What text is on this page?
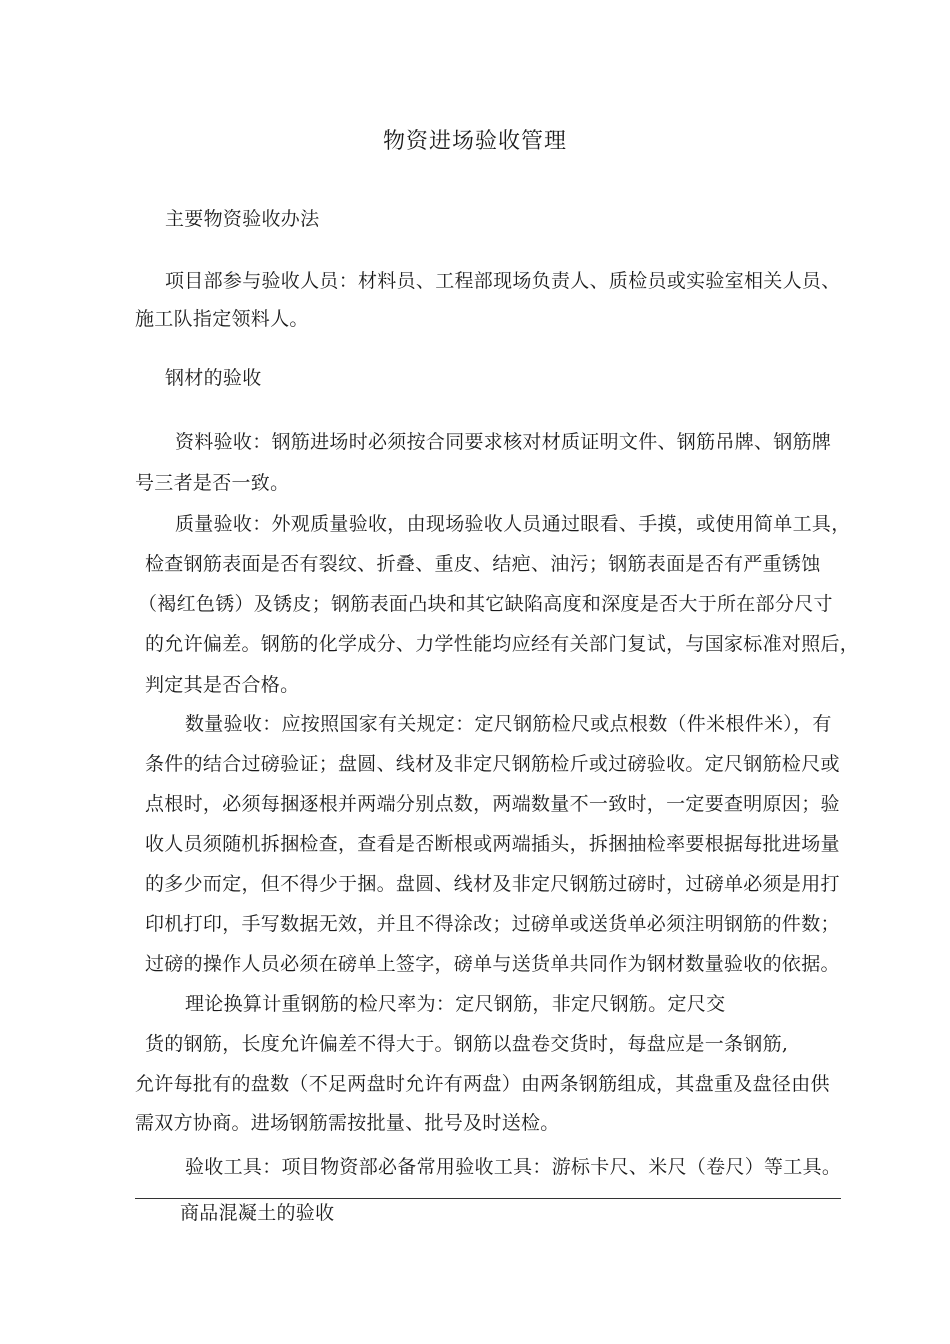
物资进场验收管理
主要物资验收办法
项目部参与验收人员：材料员、工程部现场负责人、质检员或实验室相关人员、
施工队指定领料人。
钢材的验收
资料验收：钢筋进场时必须按合同要求核对材质证明文件、钢筋吊牌、钢筋牌
号三者是否一致。
质量验收：外观质量验收，由现场验收人员通过眼看、手摸，或使用简单工具，
检查钢筋表面是否有裂纹、折叠、重皮、结疤、油污；钢筋表面是否有严重锈蚀
（褐红色锈）及锈皮；钢筋表面凸块和其它缺陷高度和深度是否大于所在部分尺寸
的允许偏差。钢筋的化学成分、力学性能均应经有关部门复试，与国家标准对照后，
判定其是否合格。
数量验收：应按照国家有关规定：定尺钢筋检尺或点根数（件米根件米），有
条件的结合过磅验证；盘圆、线材及非定尺钢筋检斤或过磅验收。定尺钢筋检尺或
点根时，必须每捆逐根并两端分别点数，两端数量不一致时，一定要查明原因；验
收人员须随机拆捆检查，查看是否断根或两端插头，拆捆抽检率要根据每批进场量
的多少而定，但不得少于捆。盘圆、线材及非定尺钢筋过磅时，过磅单必须是用打
印机打印，手写数据无效，并且不得涂改；过磅单或送货单必须注明钢筋的件数；
过磅的操作人员必须在磅单上签字，磅单与送货单共同作为钢材数量验收的依据。
理论换算计重钢筋的检尺率为：定尺钢筋，非定尺钢筋。定尺交
货的钢筋，长度允许偏差不得大于。钢筋以盘卷交货时，每盘应是一条钢筋,
允许每批有的盘数（不足两盘时允许有两盘）由两条钢筋组成，其盘重及盘径由供
需双方协商。进场钢筋需按批量、批号及时送检。
验收工具：项目物资部必备常用验收工具：游标卡尺、米尺（卷尺）等工具。
商品混凝土的验收
